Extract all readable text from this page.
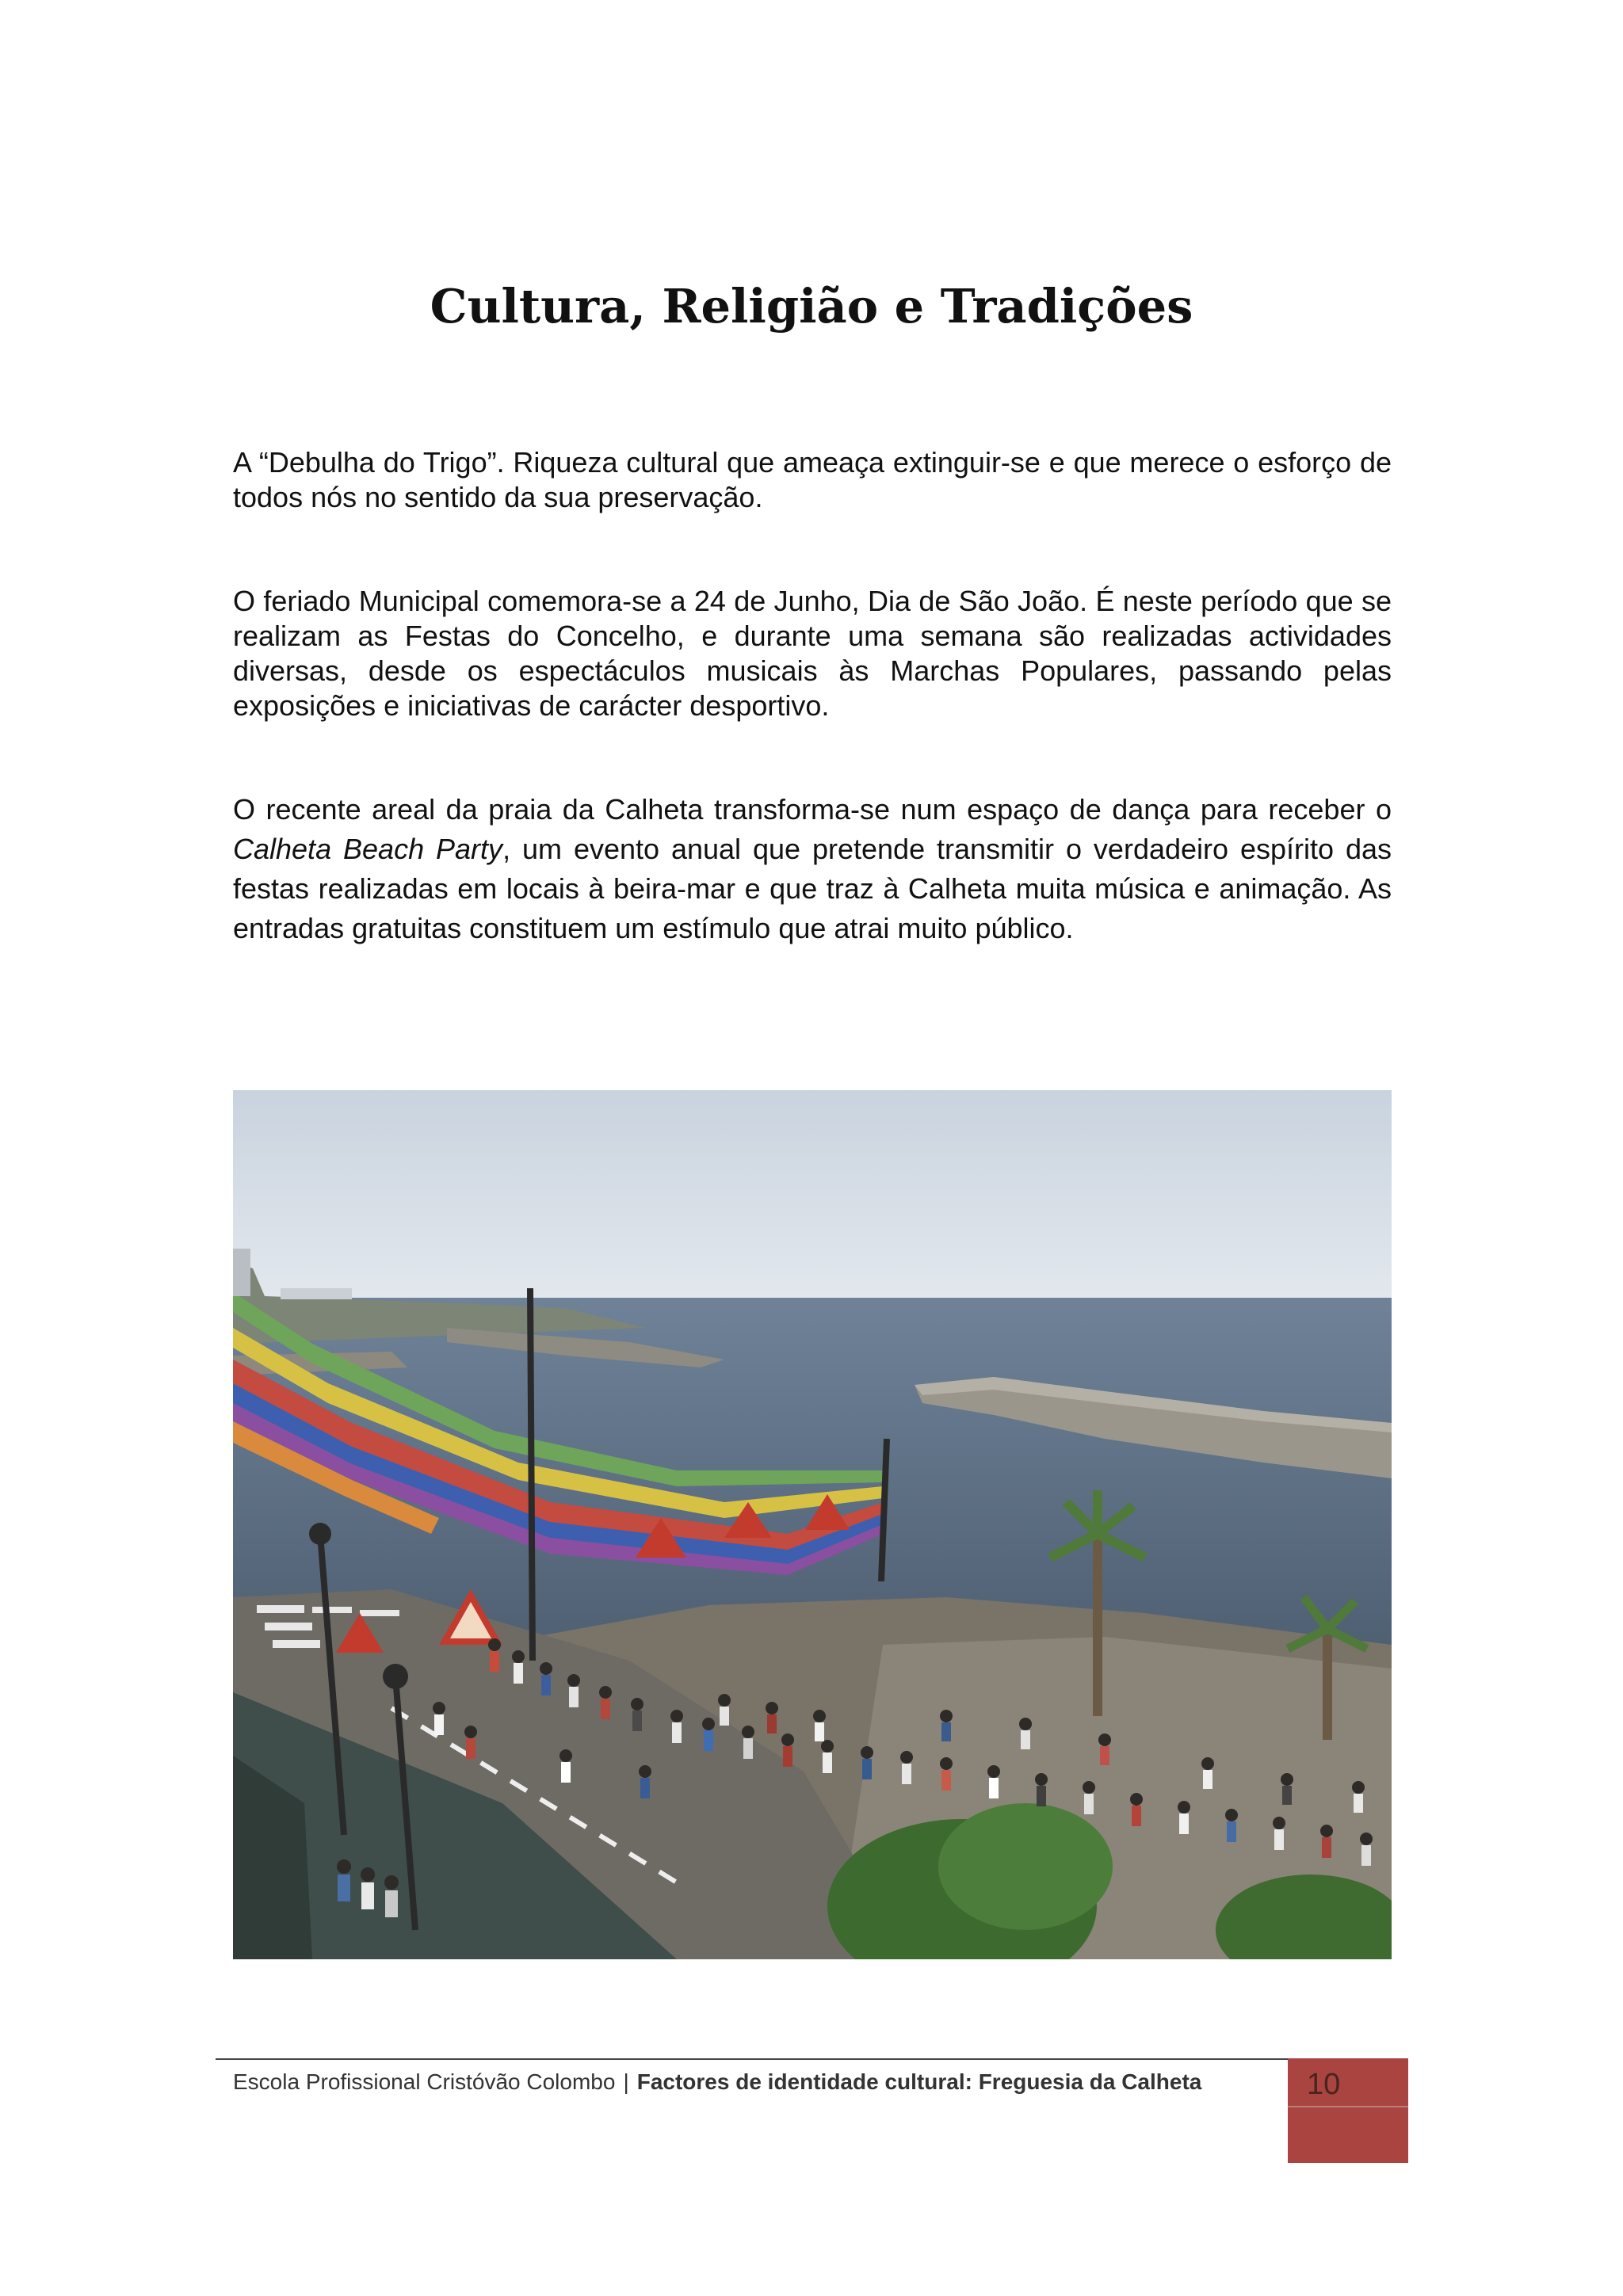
Cultura, Religião e Tradições

A “Debulha do Trigo”. Riqueza cultural que ameaça extinguir-se e que merece o esforço de todos nós no sentido da sua preservação.

O feriado Municipal comemora-se a 24 de Junho, Dia de São João. É neste período que se realizam as Festas do Concelho, e durante uma semana são realizadas actividades diversas, desde os espectáculos musicais às Marchas Populares, passando pelas exposições e iniciativas de carácter desportivo.

O recente areal da praia da Calheta transforma-se num espaço de dança para receber o Calheta Beach Party, um evento anual que pretende transmitir o verdadeiro espírito das festas realizadas em locais à beira-mar e que traz à Calheta muita música e animação. As entradas gratuitas constituem um estímulo que atrai muito público.

Escola Profissional Cristóvão Colombo | Factores de identidade cultural: Freguesia da Calheta	10
